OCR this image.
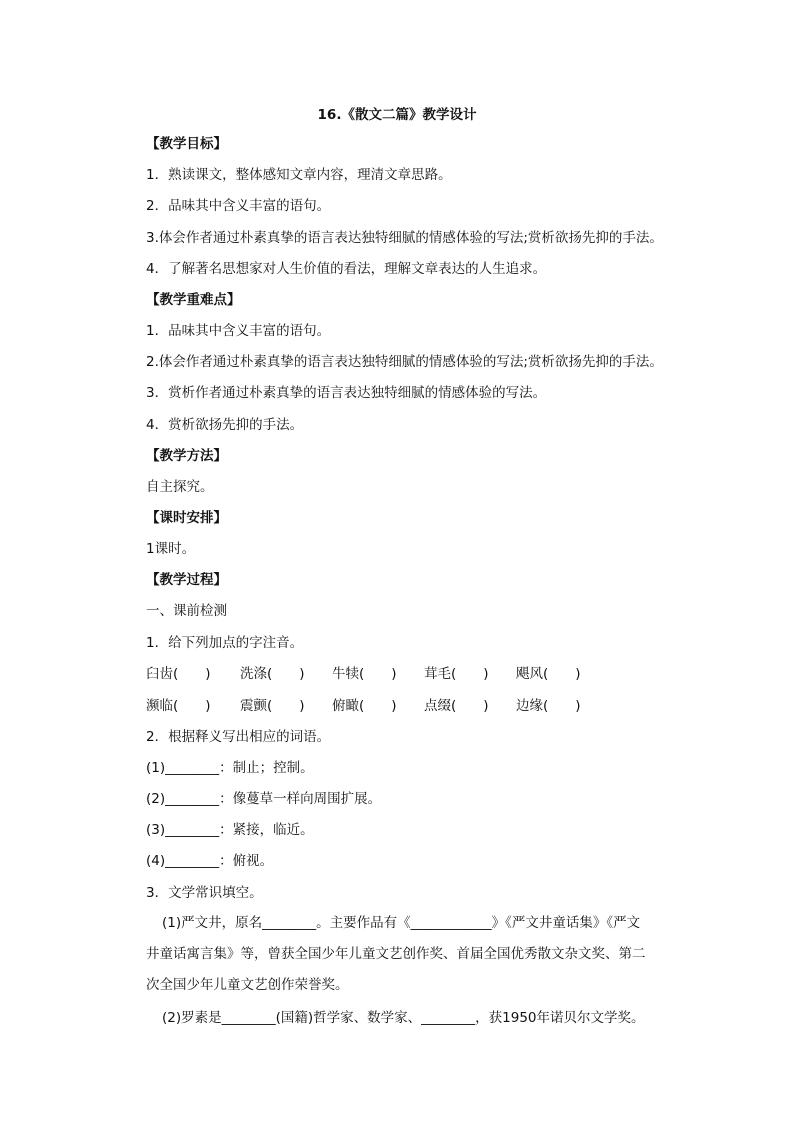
16.《散文二篇》教学设计
【教学目标】
1．熟读课文，整体感知文章内容，理清文章思路。
2．品味其中含义丰富的语句。
3.体会作者通过朴素真挚的语言表达独特细腻的情感体验的写法;赏析欲扬先抑的手法。
4．了解著名思想家对人生价值的看法，理解文章表达的人生追求。
【教学重难点】
1．品味其中含义丰富的语句。
2.体会作者通过朴素真挚的语言表达独特细腻的情感体验的写法;赏析欲扬先抑的手法。
3．赏析作者通过朴素真挚的语言表达独特细腻的情感体验的写法。
4．赏析欲扬先抑的手法。
【教学方法】
自主探究。
【课时安排】
1课时。
【教学过程】
一、课前检测
1．给下列加点的字注音。
臼齿(　　) 洗涤(　　) 牛犊(　　) 茸毛(　　) 飓风(　　)
濒临(　　) 震颤(　　) 俯瞰(　　) 点缀(　　) 边缘(　　)
2．根据释义写出相应的词语。
(1)________：制止；控制。
(2)________：像蔓草一样向周围扩展。
(3)________：紧接，临近。
(4)________：俯视。
3．文学常识填空。
(1)严文井，原名________。主要作品有《____________》《严文井童话集》《严文井童话寓言集》等，曾获全国少年儿童文艺创作奖、首届全国优秀散文杂文奖、第二次全国少年儿童文艺创作荣誉奖。
(2)罗素是________(国籍)哲学家、数学家、________，获1950年诺贝尔文学奖。
